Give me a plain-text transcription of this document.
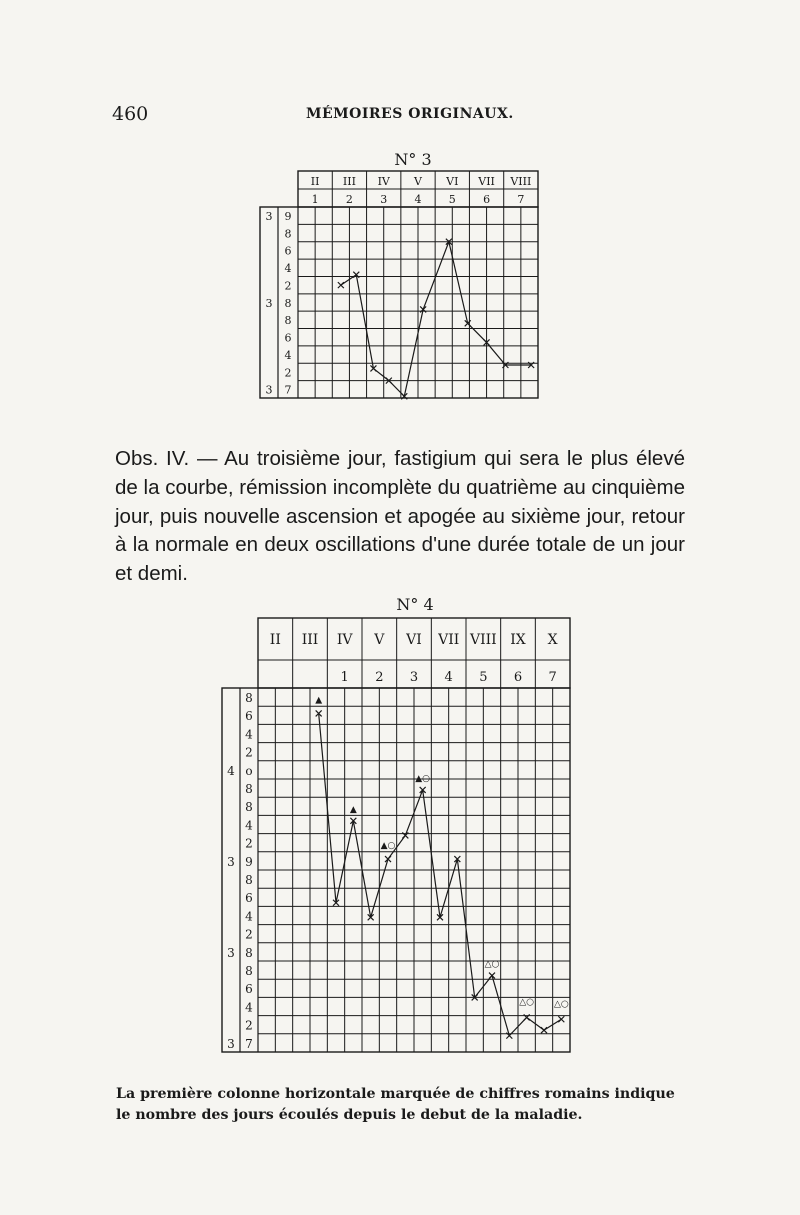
460	MÉMOIRES ORIGINAUX.
N° 3
II III IV V VI VII VIII
1 2 3 4 5 6 7
9
8
6
4
2
8
8
6
4
2
7
3
3
3
Obs. IV. — Au troisième jour, fastigium qui sera le plus élevé de la courbe, rémission incomplète du quatrième au cinquième jour, puis nouvelle ascension et apogée au sixième jour, retour à la normale en deux oscillations d'une durée totale de un jour et demi.
N° 4
II III IV V VI VII VIII IX X
1 2 3 4 5 6 7
8
6
4
2
o
8
8
4
2
9
8
6
4
2
8
8
6
4
2
7
4
3
3
3
▲
▲
▲○
▲○
△○
△○ △○
La première colonne horizontale marquée de chiffres romains indique le nombre des jours écoulés depuis le debut de la maladie.
